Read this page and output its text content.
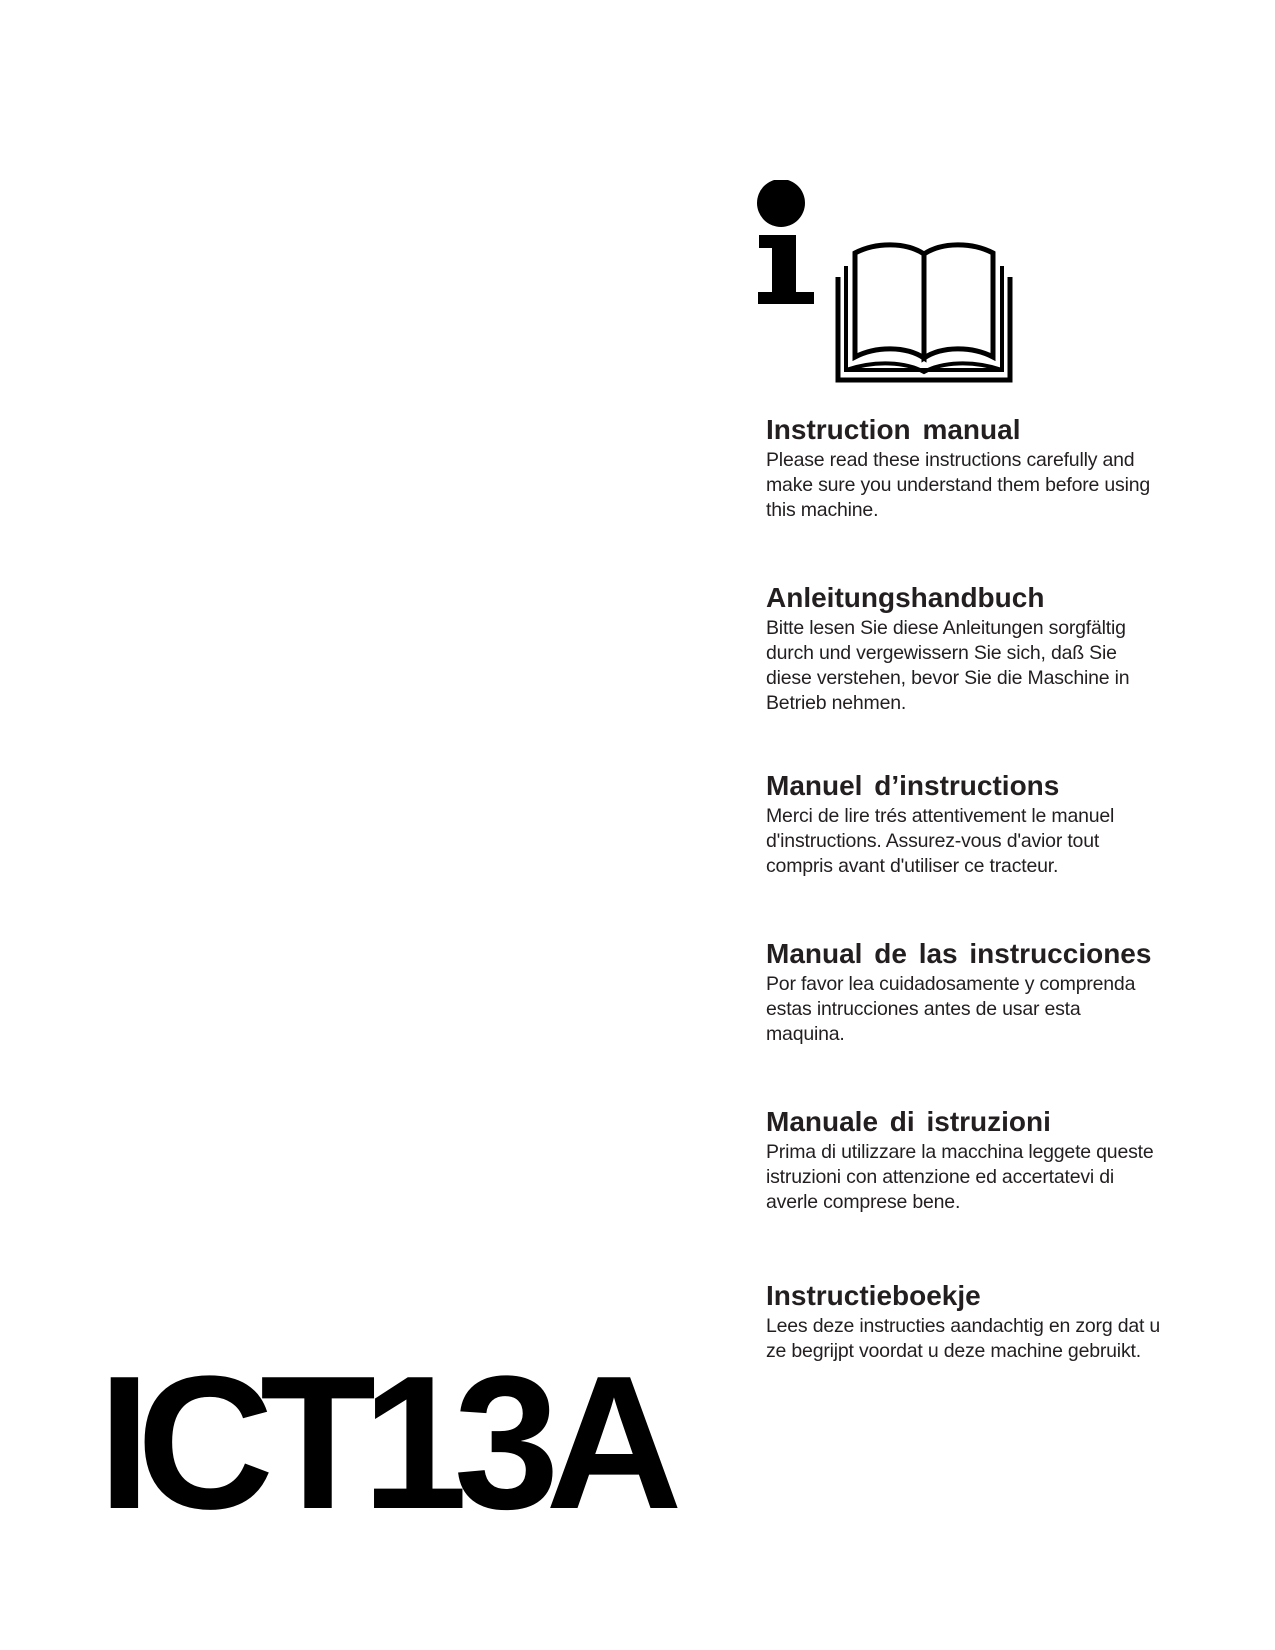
Instruction manual

Please read these instructions carefully and
make sure you understand them before using
this machine.

Anleitungshandbuch

Bitte lesen Sie diese Anleitungen sorgfältig
durch und vergewissern Sie sich, daß Sie
diese verstehen, bevor Sie die Maschine in
Betrieb nehmen.

Manuel d’instructions

Merci de lire trés attentivement le manuel
d'instructions. Assurez-vous d'avior tout
compris avant d'utiliser ce tracteur.

Manual de las instrucciones

Por favor lea cuidadosamente y comprenda
estas intrucciones antes de usar esta
maquina.

Manuale di istruzioni

Prima di utilizzare la macchina leggete queste
istruzioni con attenzione ed accertatevi di
averle comprese bene.

Instructieboekje

Lees deze instructies aandachtig en zorg dat u
ze begrijpt voordat u deze machine gebruikt.

ICT13A
